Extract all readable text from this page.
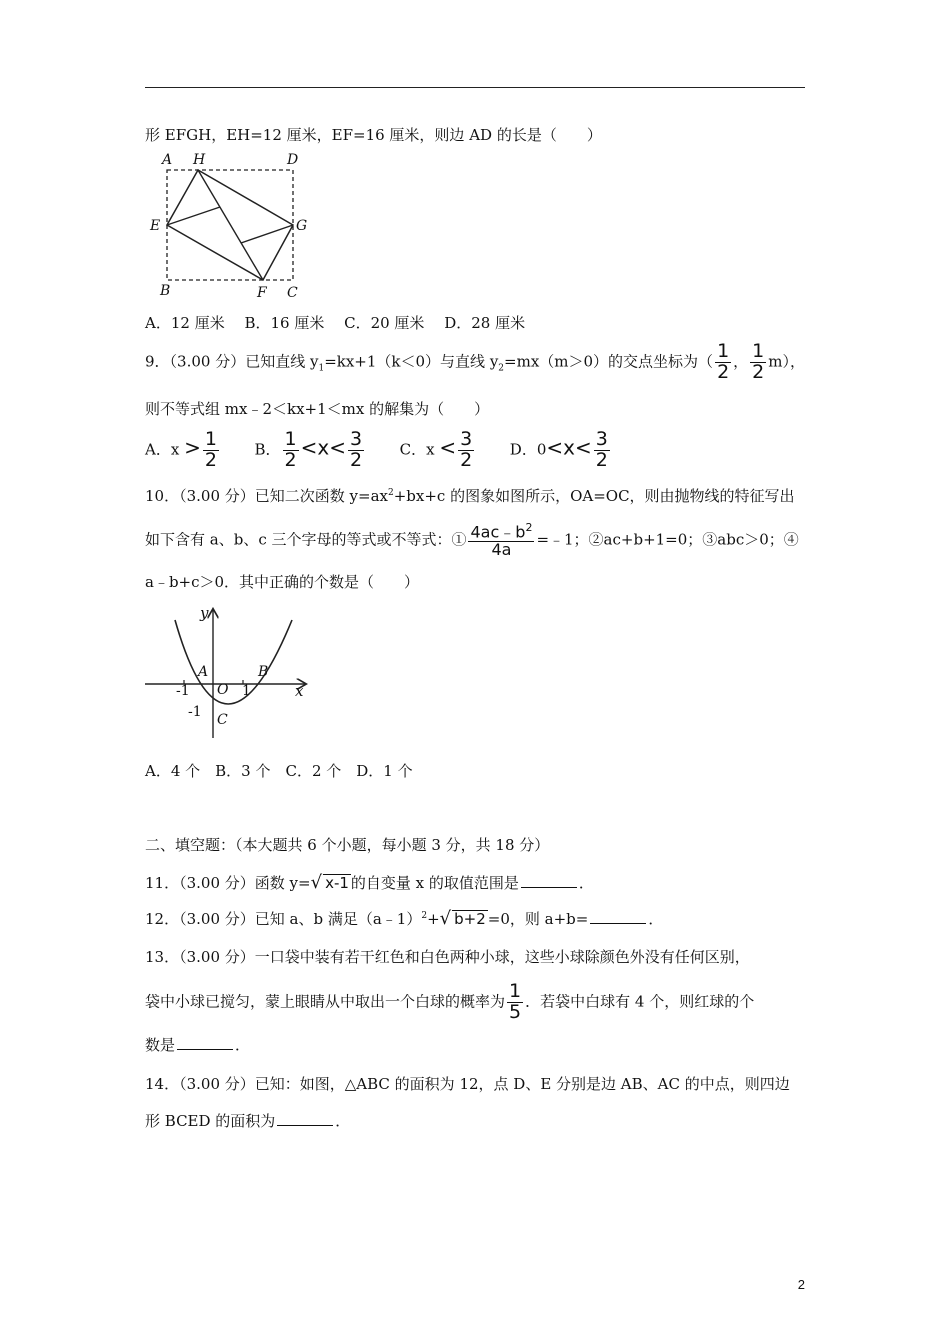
形 EFGH，EH=12 厘米，EF=16 厘米，则边 AD 的长是（　　）
A H	D
E	G
B	F C
A．12 厘米　 B．16 厘米　 C．20 厘米　 D．28 厘米
9．（3.00 分）已知直线 $y_1=kx+1(k<0)$与直线 $y_2=mx(m>0)$的交点坐标为（ $\frac{1}{2}$ ， $\frac{1}{2} m$），
则不等式组 mx﹣2＜kx+1＜mx 的解集为（　　）
A．$x > \frac{1}{2}$ B． $\frac{1}{2} <x< \frac{3}{2}$ C．$x < \frac{3}{2}$ D．$0<x< \frac{3}{2}$
10．（3.00 分）已知二次函数 $y=ax^2+bx+c$ 的图象如图所示，OA=OC，则由抛物线的特征写出
如下含有 a、b、c 三个字母的等式或不等式：① $\frac{4ac﹣b^2}{4a}$ =﹣1；②ac+b+1=0；③abc＞0；④
a﹣b+c＞0．其中正确的个数是（　　）
y
x
A	B
O
C
-1	1
-1
A．4 个　B．3 个　C．2 个　D．1 个
二、填空题：（本大题共 6 个小题，每小题 3 分，共 18 分）
11．（3.00 分）函数 y=√ x-1 的自变量 x 的取值范围是	．
12．（3.00 分）已知 a、b 满足（a﹣1）$^2$+√ b+2 =0，则 a+b=	．
13．（3.00 分）一口袋中装有若干红色和白色两种小球，这些小球除颜色外没有任何区别，
袋中小球已搅匀，蒙上眼睛从中取出一个白球的概率为 $\frac{1}{5}$ ．若袋中白球有 4 个，则红球的个
数是	．
14．（3.00 分）已知：如图，△ABC 的面积为 12，点 D、E 分别是边 AB、AC 的中点，则四边
形 BCED 的面积为	．
2
